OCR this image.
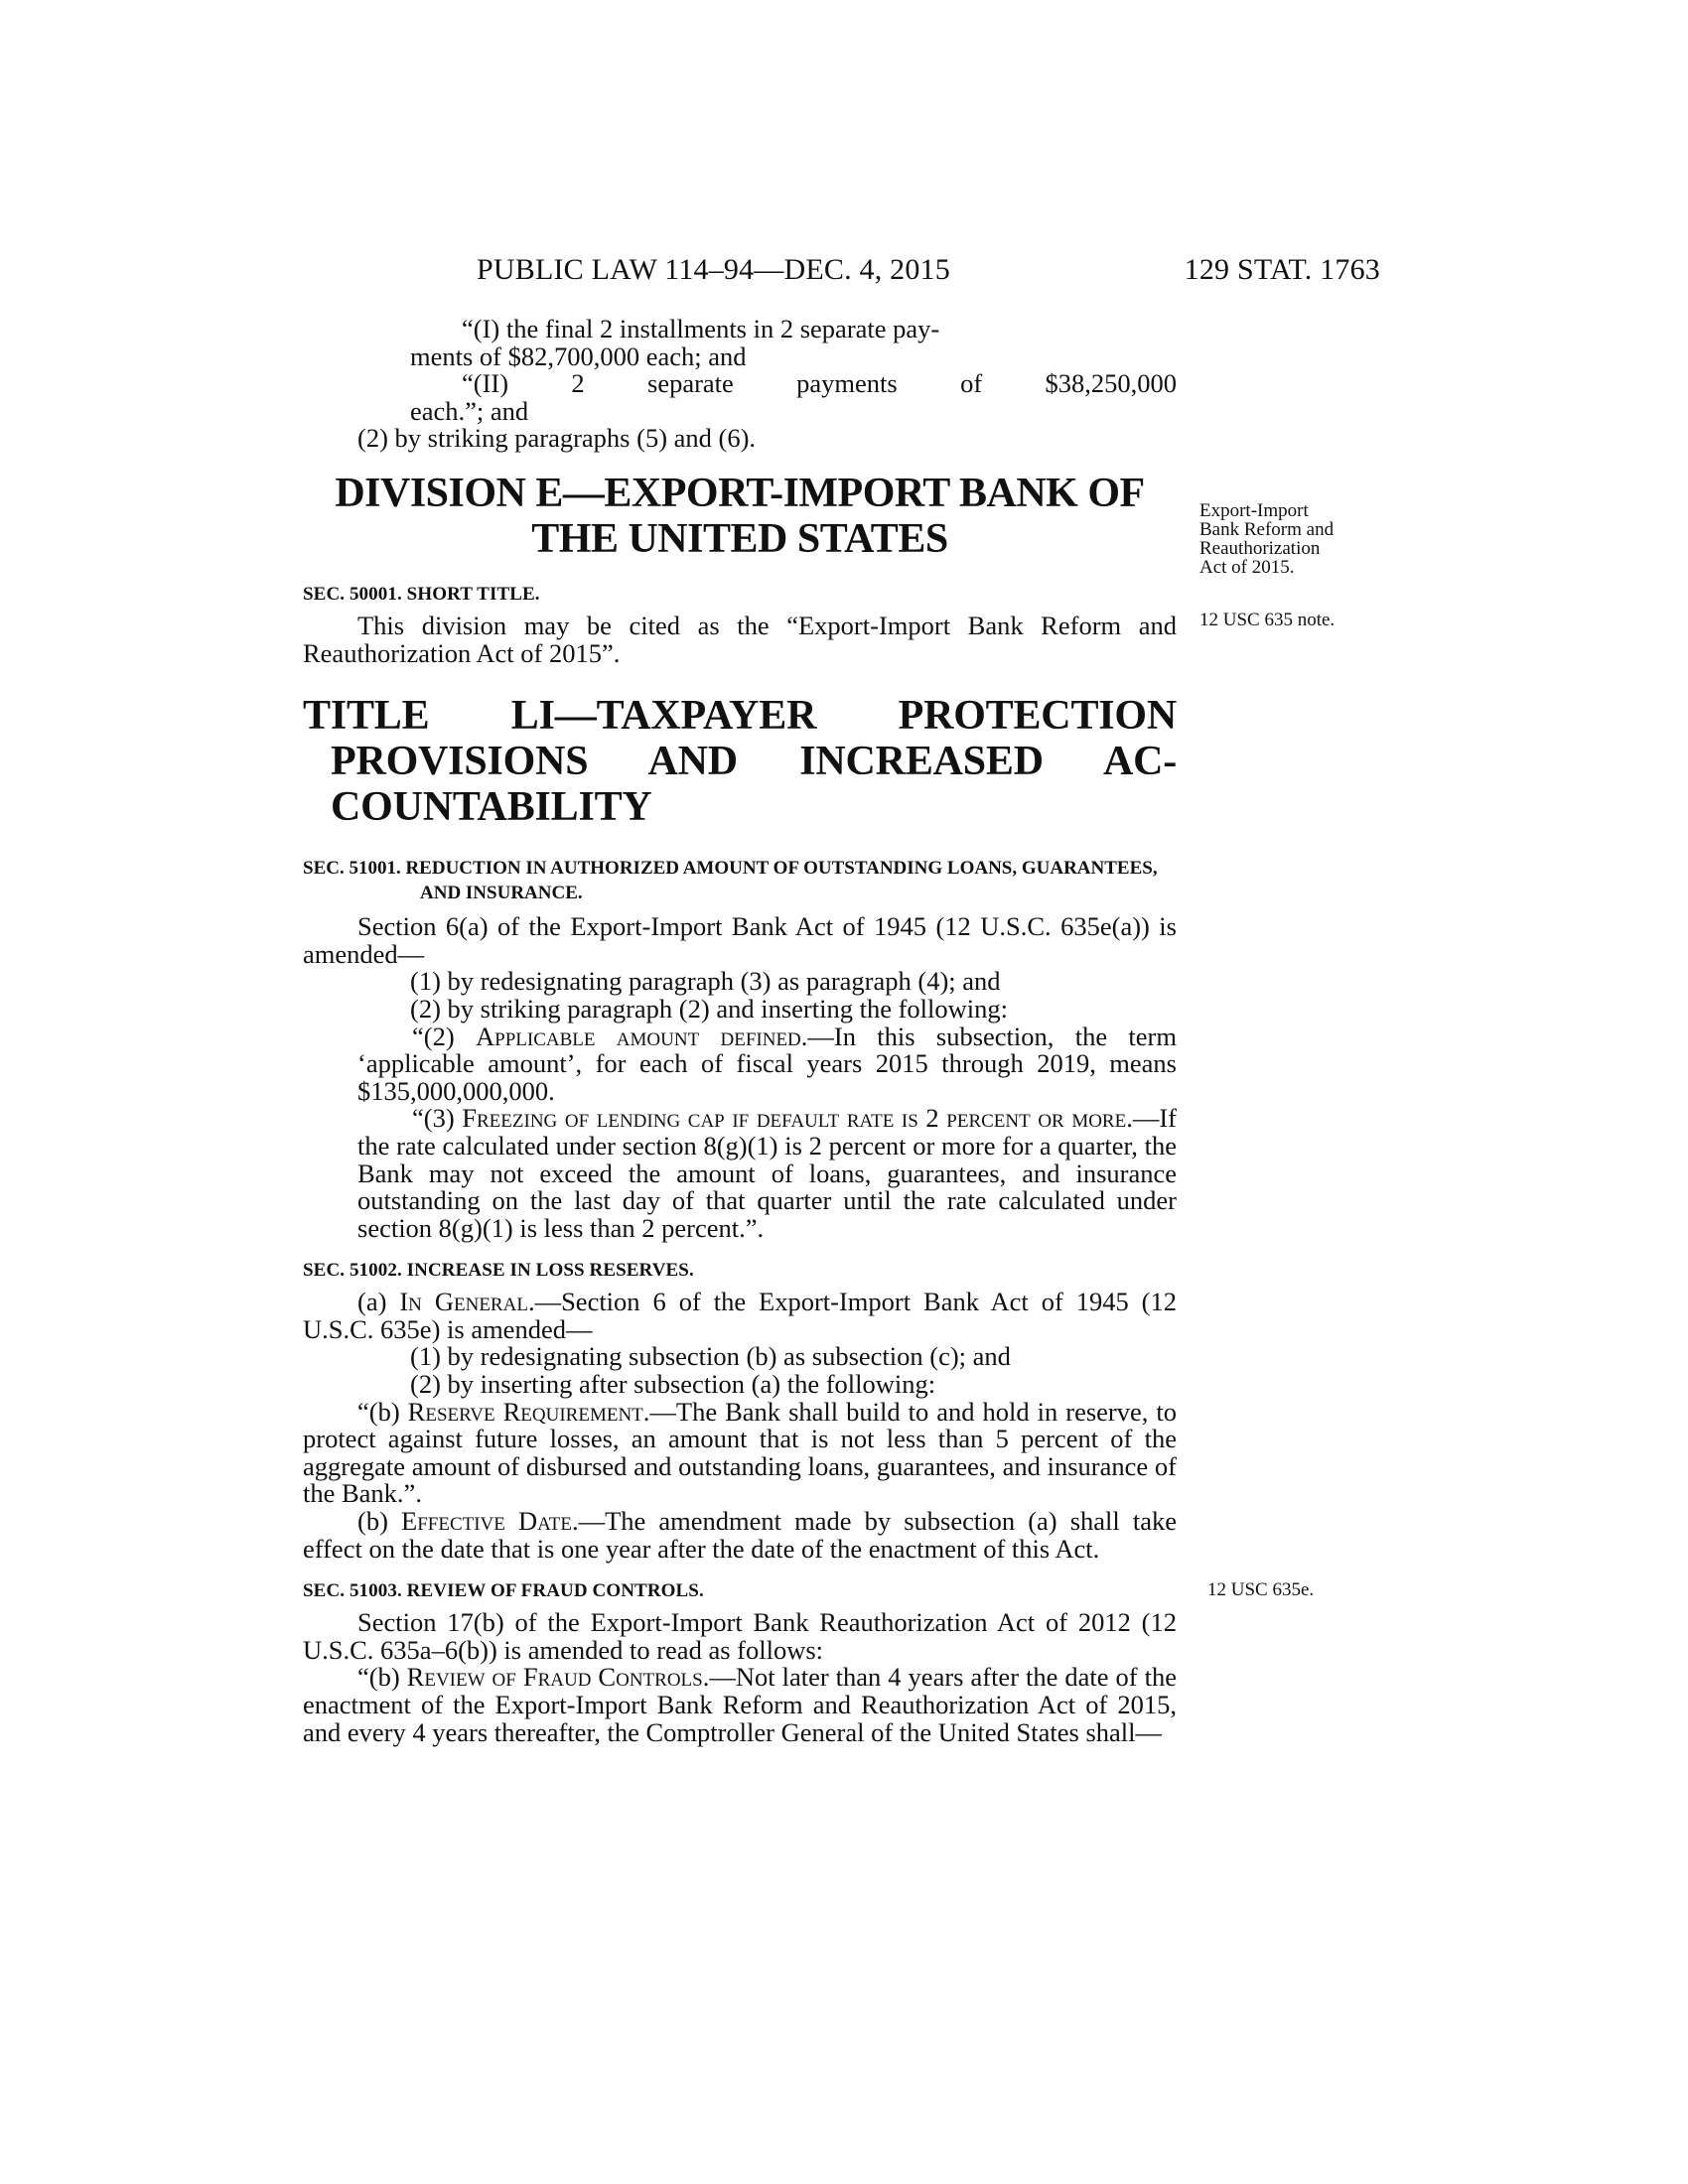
PUBLIC LAW 114–94—DEC. 4, 2015	129 STAT. 1763

“(I) the final 2 installments in 2 separate pay-

ments of $82,700,000 each; and

“(II) 2 separate payments of $38,250,000

each.”; and

(2) by striking paragraphs (5) and (6).

DIVISION E—EXPORT-IMPORT BANK OF
THE UNITED STATES
SEC. 50001. SHORT TITLE.

This division may be cited as the “Export-Import Bank Reform and Reauthorization Act of 2015”.

TITLE LI—TAXPAYER PROTECTION
PROVISIONS AND INCREASED AC-
COUNTABILITY
SEC. 51001. REDUCTION IN AUTHORIZED AMOUNT OF OUTSTANDING LOANS, GUARANTEES, AND INSURANCE.

Section 6(a) of the Export-Import Bank Act of 1945 (12 U.S.C. 635e(a)) is amended—

(1) by redesignating paragraph (3) as paragraph (4); and

(2) by striking paragraph (2) and inserting the following:

“(2) Applicable amount defined.—In this subsection, the term ‘applicable amount’, for each of fiscal years 2015 through 2019, means $135,000,000,000.

“(3) Freezing of lending cap if default rate is 2 percent or more.—If the rate calculated under section 8(g)(1) is 2 percent or more for a quarter, the Bank may not exceed the amount of loans, guarantees, and insurance outstanding on the last day of that quarter until the rate calculated under section 8(g)(1) is less than 2 percent.”.

SEC. 51002. INCREASE IN LOSS RESERVES.

(a) In General.—Section 6 of the Export-Import Bank Act of 1945 (12 U.S.C. 635e) is amended—

(1) by redesignating subsection (b) as subsection (c); and

(2) by inserting after subsection (a) the following:

“(b) Reserve Requirement.—The Bank shall build to and hold in reserve, to protect against future losses, an amount that is not less than 5 percent of the aggregate amount of disbursed and outstanding loans, guarantees, and insurance of the Bank.”.

(b) Effective Date.—The amendment made by subsection (a) shall take effect on the date that is one year after the date of the enactment of this Act.

SEC. 51003. REVIEW OF FRAUD CONTROLS.

Section 17(b) of the Export-Import Bank Reauthorization Act of 2012 (12 U.S.C. 635a–6(b)) is amended to read as follows:

“(b) Review of Fraud Controls.—Not later than 4 years after the date of the enactment of the Export-Import Bank Reform and Reauthorization Act of 2015, and every 4 years thereafter, the Comptroller General of the United States shall—

Export-Import
Bank Reform and
Reauthorization
Act of 2015.
12 USC 635 note.
12 USC 635e.
